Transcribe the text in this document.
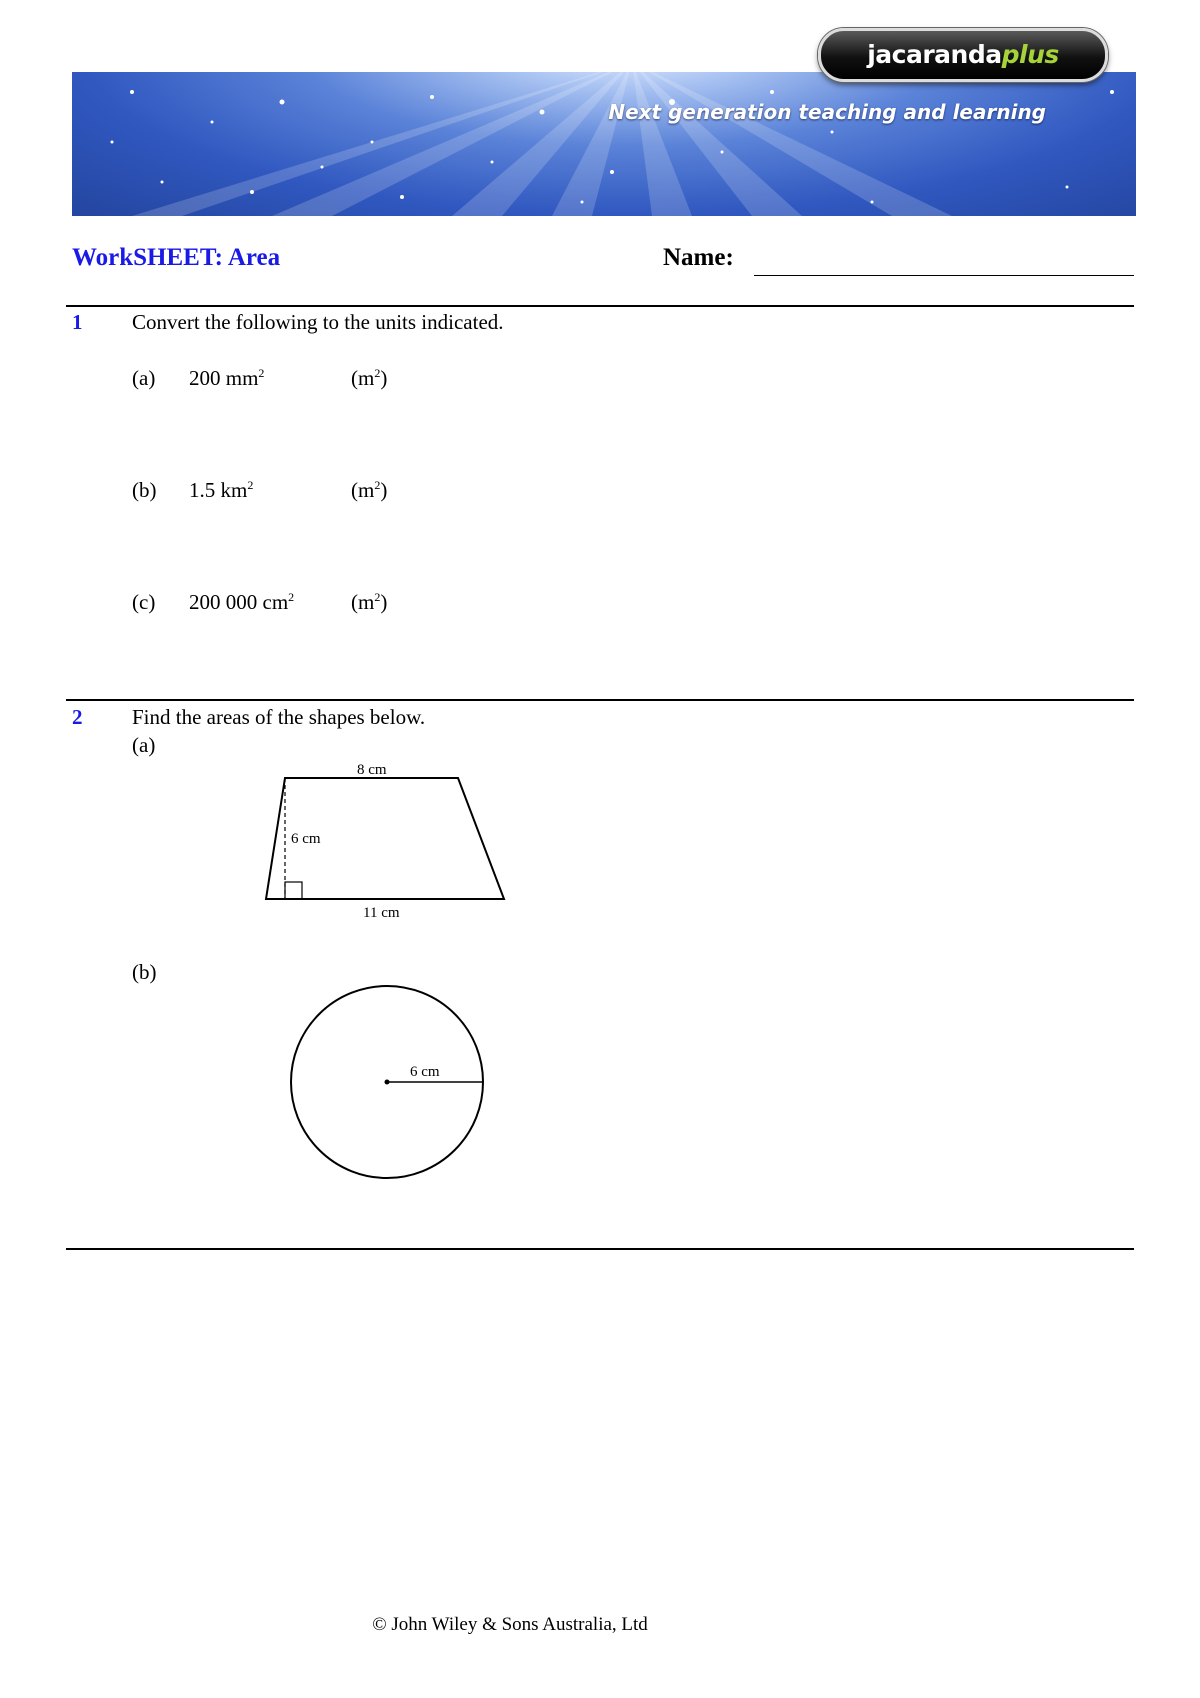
jacarandaplus
Next generation teaching and learning
WorkSHEET: Area	Name:
1 Convert the following to the units indicated.
(a) 200 $mm^2$	$(m^2)$
(b) 1.5 $km^2$	$(m^2)$
(c) 200 000 $cm^2$	$(m^2)$
2 Find the areas of the shapes below.
(a)
8 cm
6 cm
11 cm
(b)
6 cm
© John Wiley & Sons Australia, Ltd
